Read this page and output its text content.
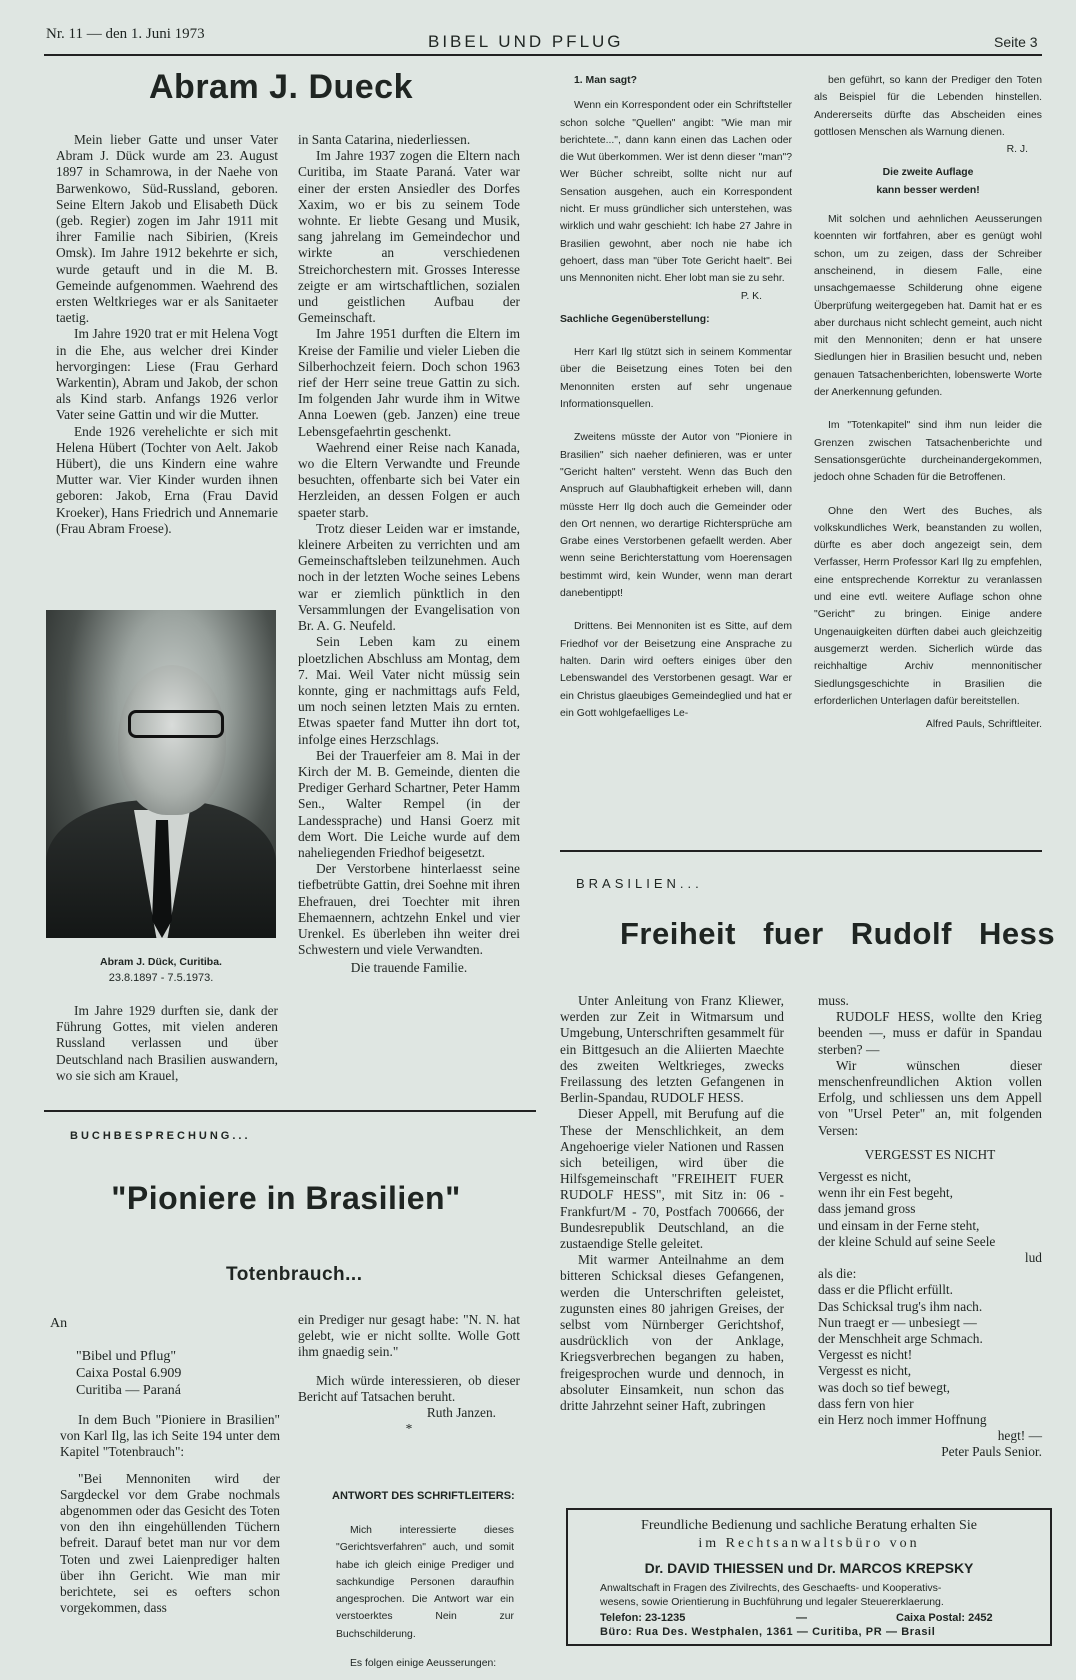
Nr. 11 — den 1. Juni 1973	BIBEL UND PFLUG	Seite 3
Abram J. Dueck

Mein lieber Gatte und unser Vater Abram J. Dück wurde am 23. August 1897 in Schamrowa, in der Naehe von Barwenkowo, Süd-Russland, geboren. Seine Eltern Jakob und Elisabeth Dück (geb. Regier) zogen im Jahr 1911 mit ihrer Familie nach Sibirien, (Kreis Omsk). Im Jahre 1912 bekehrte er sich, wurde getauft und in die M. B. Gemeinde aufgenommen. Waehrend des ersten Weltkrieges war er als Sanitaeter taetig.

Im Jahre 1920 trat er mit Helena Vogt in die Ehe, aus welcher drei Kinder hervorgingen: Liese (Frau Gerhard Warkentin), Abram und Jakob, der schon als Kind starb. Anfangs 1926 verlor Vater seine Gattin und wir die Mutter.

Ende 1926 verehelichte er sich mit Helena Hübert (Tochter von Aelt. Jakob Hübert), die uns Kindern eine wahre Mutter war. Vier Kinder wurden ihnen geboren: Jakob, Erna (Frau David Kroeker), Hans Friedrich und Annemarie (Frau Abram Froese).

Abram J. Dück, Curitiba.
23.8.1897 - 7.5.1973.

Im Jahre 1929 durften sie, dank der Führung Gottes, mit vielen anderen Russland verlassen und über Deutschland nach Brasilien auswandern, wo sie sich am Krauel,

in Santa Catarina, niederliessen.

Im Jahre 1937 zogen die Eltern nach Curitiba, im Staate Paraná. Vater war einer der ersten Ansiedler des Dorfes Xaxim, wo er bis zu seinem Tode wohnte. Er liebte Gesang und Musik, sang jahrelang im Gemeindechor und wirkte an verschiedenen Streichorchestern mit. Grosses Interesse zeigte er am wirtschaftlichen, sozialen und geistlichen Aufbau der Gemeinschaft.

Im Jahre 1951 durften die Eltern im Kreise der Familie und vieler Lieben die Silberhochzeit feiern. Doch schon 1963 rief der Herr seine treue Gattin zu sich. Im folgenden Jahr wurde ihm in Witwe Anna Loewen (geb. Janzen) eine treue Lebensgefaehrtin geschenkt.

Waehrend einer Reise nach Kanada, wo die Eltern Verwandte und Freunde besuchten, offenbarte sich bei Vater ein Herzleiden, an dessen Folgen er auch spaeter starb.

Trotz dieser Leiden war er imstande, kleinere Arbeiten zu verrichten und am Gemeinschaftsleben teilzunehmen. Auch noch in der letzten Woche seines Lebens war er ziemlich pünktlich in den Versammlungen der Evangelisation von Br. A. G. Neufeld.

Sein Leben kam zu einem ploetzlichen Abschluss am Montag, dem 7. Mai. Weil Vater nicht müssig sein konnte, ging er nachmittags aufs Feld, um noch seinen letzten Mais zu ernten. Etwas spaeter fand Mutter ihn dort tot, infolge eines Herzschlags.

Bei der Trauerfeier am 8. Mai in der Kirch der M. B. Gemeinde, dienten die Prediger Gerhard Schartner, Peter Hamm Sen., Walter Rempel (in der Landessprache) und Hansi Goerz mit dem Wort. Die Leiche wurde auf dem naheliegenden Friedhof beigesetzt.

Der Verstorbene hinterlaesst seine tiefbetrübte Gattin, drei Soehne mit ihren Ehefrauen, drei Toechter mit ihren Ehemaennern, achtzehn Enkel und vier Urenkel. Es überleben ihn weiter drei Schwestern und viele Verwandten.

Die trauende Familie.
BUCHBESPRECHUNG...
"Pioniere in Brasilien"
Totenbrauch...
An
"Bibel und Pflug"
Caixa Postal 6.909
Curitiba — Paraná

In dem Buch "Pioniere in Brasilien" von Karl Ilg, las ich Seite 194 unter dem Kapitel "Totenbrauch":

"Bei Mennoniten wird der Sargdeckel vor dem Grabe nochmals abgenommen oder das Gesicht des Toten von den ihn eingehüllenden Tüchern befreit. Darauf betet man nur vor dem Toten und zwei Laienprediger halten über ihn Gericht. Wie man mir berichtete, sei es oefters schon vorgekommen, dass

ein Prediger nur gesagt habe: "N. N. hat gelebt, wie er nicht sollte. Wolle Gott ihm gnaedig sein."

Mich würde interessieren, ob dieser Bericht auf Tatsachen beruht.

Ruth Janzen.
*
ANTWORT DES SCHRIFTLEITERS:

Mich interessierte dieses "Gerichtsverfahren" auch, und somit habe ich gleich einige Prediger und sachkundige Personen daraufhin angesprochen. Die Antwort war ein verstoerktes Nein zur Buchschilderung.

Es folgen einige Aeusserungen:

1. Man sagt?

Wenn ein Korrespondent oder ein Schriftsteller schon solche "Quellen" angibt: "Wie man mir berichtete...", dann kann einen das Lachen oder die Wut überkommen. Wer ist denn dieser "man"? Wer Bücher schreibt, sollte nicht nur auf Sensation ausgehen, auch ein Korrespondent nicht. Er muss gründlicher sich unterstehen, was wirklich und wahr geschieht: Ich habe 27 Jahre in Brasilien gewohnt, aber noch nie habe ich gehoert, dass man "über Tote Gericht haelt". Bei uns Mennoniten nicht. Eher lobt man sie zu sehr.

P. K.
Sachliche Gegenüberstellung:

Herr Karl Ilg stützt sich in seinem Kommentar über die Beisetzung eines Toten bei den Menonniten ersten auf sehr ungenaue Informationsquellen.

Zweitens müsste der Autor von "Pioniere in Brasilien" sich naeher definieren, was er unter "Gericht halten" versteht. Wenn das Buch den Anspruch auf Glaubhaftigkeit erheben will, dann müsste Herr Ilg doch auch die Gemeinder oder den Ort nennen, wo derartige Richtersprüche am Grabe eines Verstorbenen gefaellt werden. Aber wenn seine Berichterstattung vom Hoerensagen bestimmt wird, kein Wunder, wenn man derart danebentippt!

Drittens. Bei Mennoniten ist es Sitte, auf dem Friedhof vor der Beisetzung eine Ansprache zu halten. Darin wird oefters einiges über den Lebenswandel des Verstorbenen gesagt. War er ein Christus glaeubiges Gemeindeglied und hat er ein Gott wohlgefaelliges Le-

ben geführt, so kann der Prediger den Toten als Beispiel für die Lebenden hinstellen. Andererseits dürfte das Abscheiden eines gottlosen Menschen als Warnung dienen.

R. J.
Die zweite Auflage
kann besser werden!

Mit solchen und aehnlichen Aeusserungen koennten wir fortfahren, aber es genügt wohl schon, um zu zeigen, dass der Schreiber anscheinend, in diesem Falle, eine unsachgemaesse Schilderung ohne eigene Überprüfung weitergegeben hat. Damit hat er es aber durchaus nicht schlecht gemeint, auch nicht mit den Mennoniten; denn er hat unsere Siedlungen hier in Brasilien besucht und, neben genauen Tatsachenberichten, lobenswerte Worte der Anerkennung gefunden.

Im "Totenkapitel" sind ihm nun leider die Grenzen zwischen Tatsachenberichte und Sensationsgerüchte durcheinandergekommen, jedoch ohne Schaden für die Betroffenen.

Ohne den Wert des Buches, als volkskundliches Werk, beanstanden zu wollen, dürfte es aber doch angezeigt sein, dem Verfasser, Herrn Professor Karl Ilg zu empfehlen, eine entsprechende Korrektur zu veranlassen und eine evtl. weitere Auflage schon ohne "Gericht" zu bringen. Einige andere Ungenauigkeiten dürften dabei auch gleichzeitig ausgemerzt werden. Sicherlich würde das reichhaltige Archiv mennonitischer Siedlungsgeschichte in Brasilien die erforderlichen Unterlagen dafür bereitstellen.

Alfred Pauls, Schriftleiter.
BRASILIEN...
Freiheit fuer Rudolf Hess

Unter Anleitung von Franz Kliewer, werden zur Zeit in Witmarsum und Umgebung, Unterschriften gesammelt für ein Bittgesuch an die Aliierten Maechte des zweiten Weltkrieges, zwecks Freilassung des letzten Gefangenen in Berlin-Spandau, RUDOLF HESS.

Dieser Appell, mit Berufung auf die These der Menschlichkeit, an dem Angehoerige vieler Nationen und Rassen sich beteiligen, wird über die Hilfsgemeinschaft "FREIHEIT FUER RUDOLF HESS", mit Sitz in: 06 - Frankfurt/M - 70, Postfach 700666, der Bundesrepublik Deutschland, an die zustaendige Stelle geleitet.

Mit warmer Anteilnahme an dem bitteren Schicksal dieses Gefangenen, werden die Unterschriften geleistet, zugunsten eines 80 jahrigen Greises, der selbst vom Nürnberger Gerichtshof, ausdrücklich von der Anklage, Kriegsverbrechen begangen zu haben, freigesprochen wurde und dennoch, in absoluter Einsamkeit, nun schon das dritte Jahrzehnt seiner Haft, zubringen

muss.

RUDOLF HESS, wollte den Krieg beenden —, muss er dafür in Spandau sterben? —

Wir wünschen dieser menschenfreundlichen Aktion vollen Erfolg, und schliessen uns dem Appell von "Ursel Peter" an, mit folgenden Versen:

VERGESST ES NICHT
Vergesst es nicht,
wenn ihr ein Fest begeht,
dass jemand gross
und einsam in der Ferne steht,
der kleine Schuld auf seine Seele
lud
als die:
dass er die Pflicht erfüllt.
Das Schicksal trug's ihm nach.
Nun traegt er — unbesiegt —
der Menschheit arge Schmach.
Vergesst es nicht!
Vergesst es nicht,
was doch so tief bewegt,
dass fern von hier
ein Herz noch immer Hoffnung
hegt! —
Peter Pauls Senior.
Freundliche Bedienung und sachliche Beratung erhalten Sie
im Rechtsanwaltsbüro von
Dr. DAVID THIESSEN und Dr. MARCOS KREPSKY
Anwaltschaft in Fragen des Zivilrechts, des Geschaefts- und Kooperativs-
wesens, sowie Orientierung in Buchführung und legaler Steuererklaerung.
Telefon: 23-1235	—	Caixa Postal: 2452
Büro: Rua Des. Westphalen, 1361 — Curitiba, PR — Brasil
